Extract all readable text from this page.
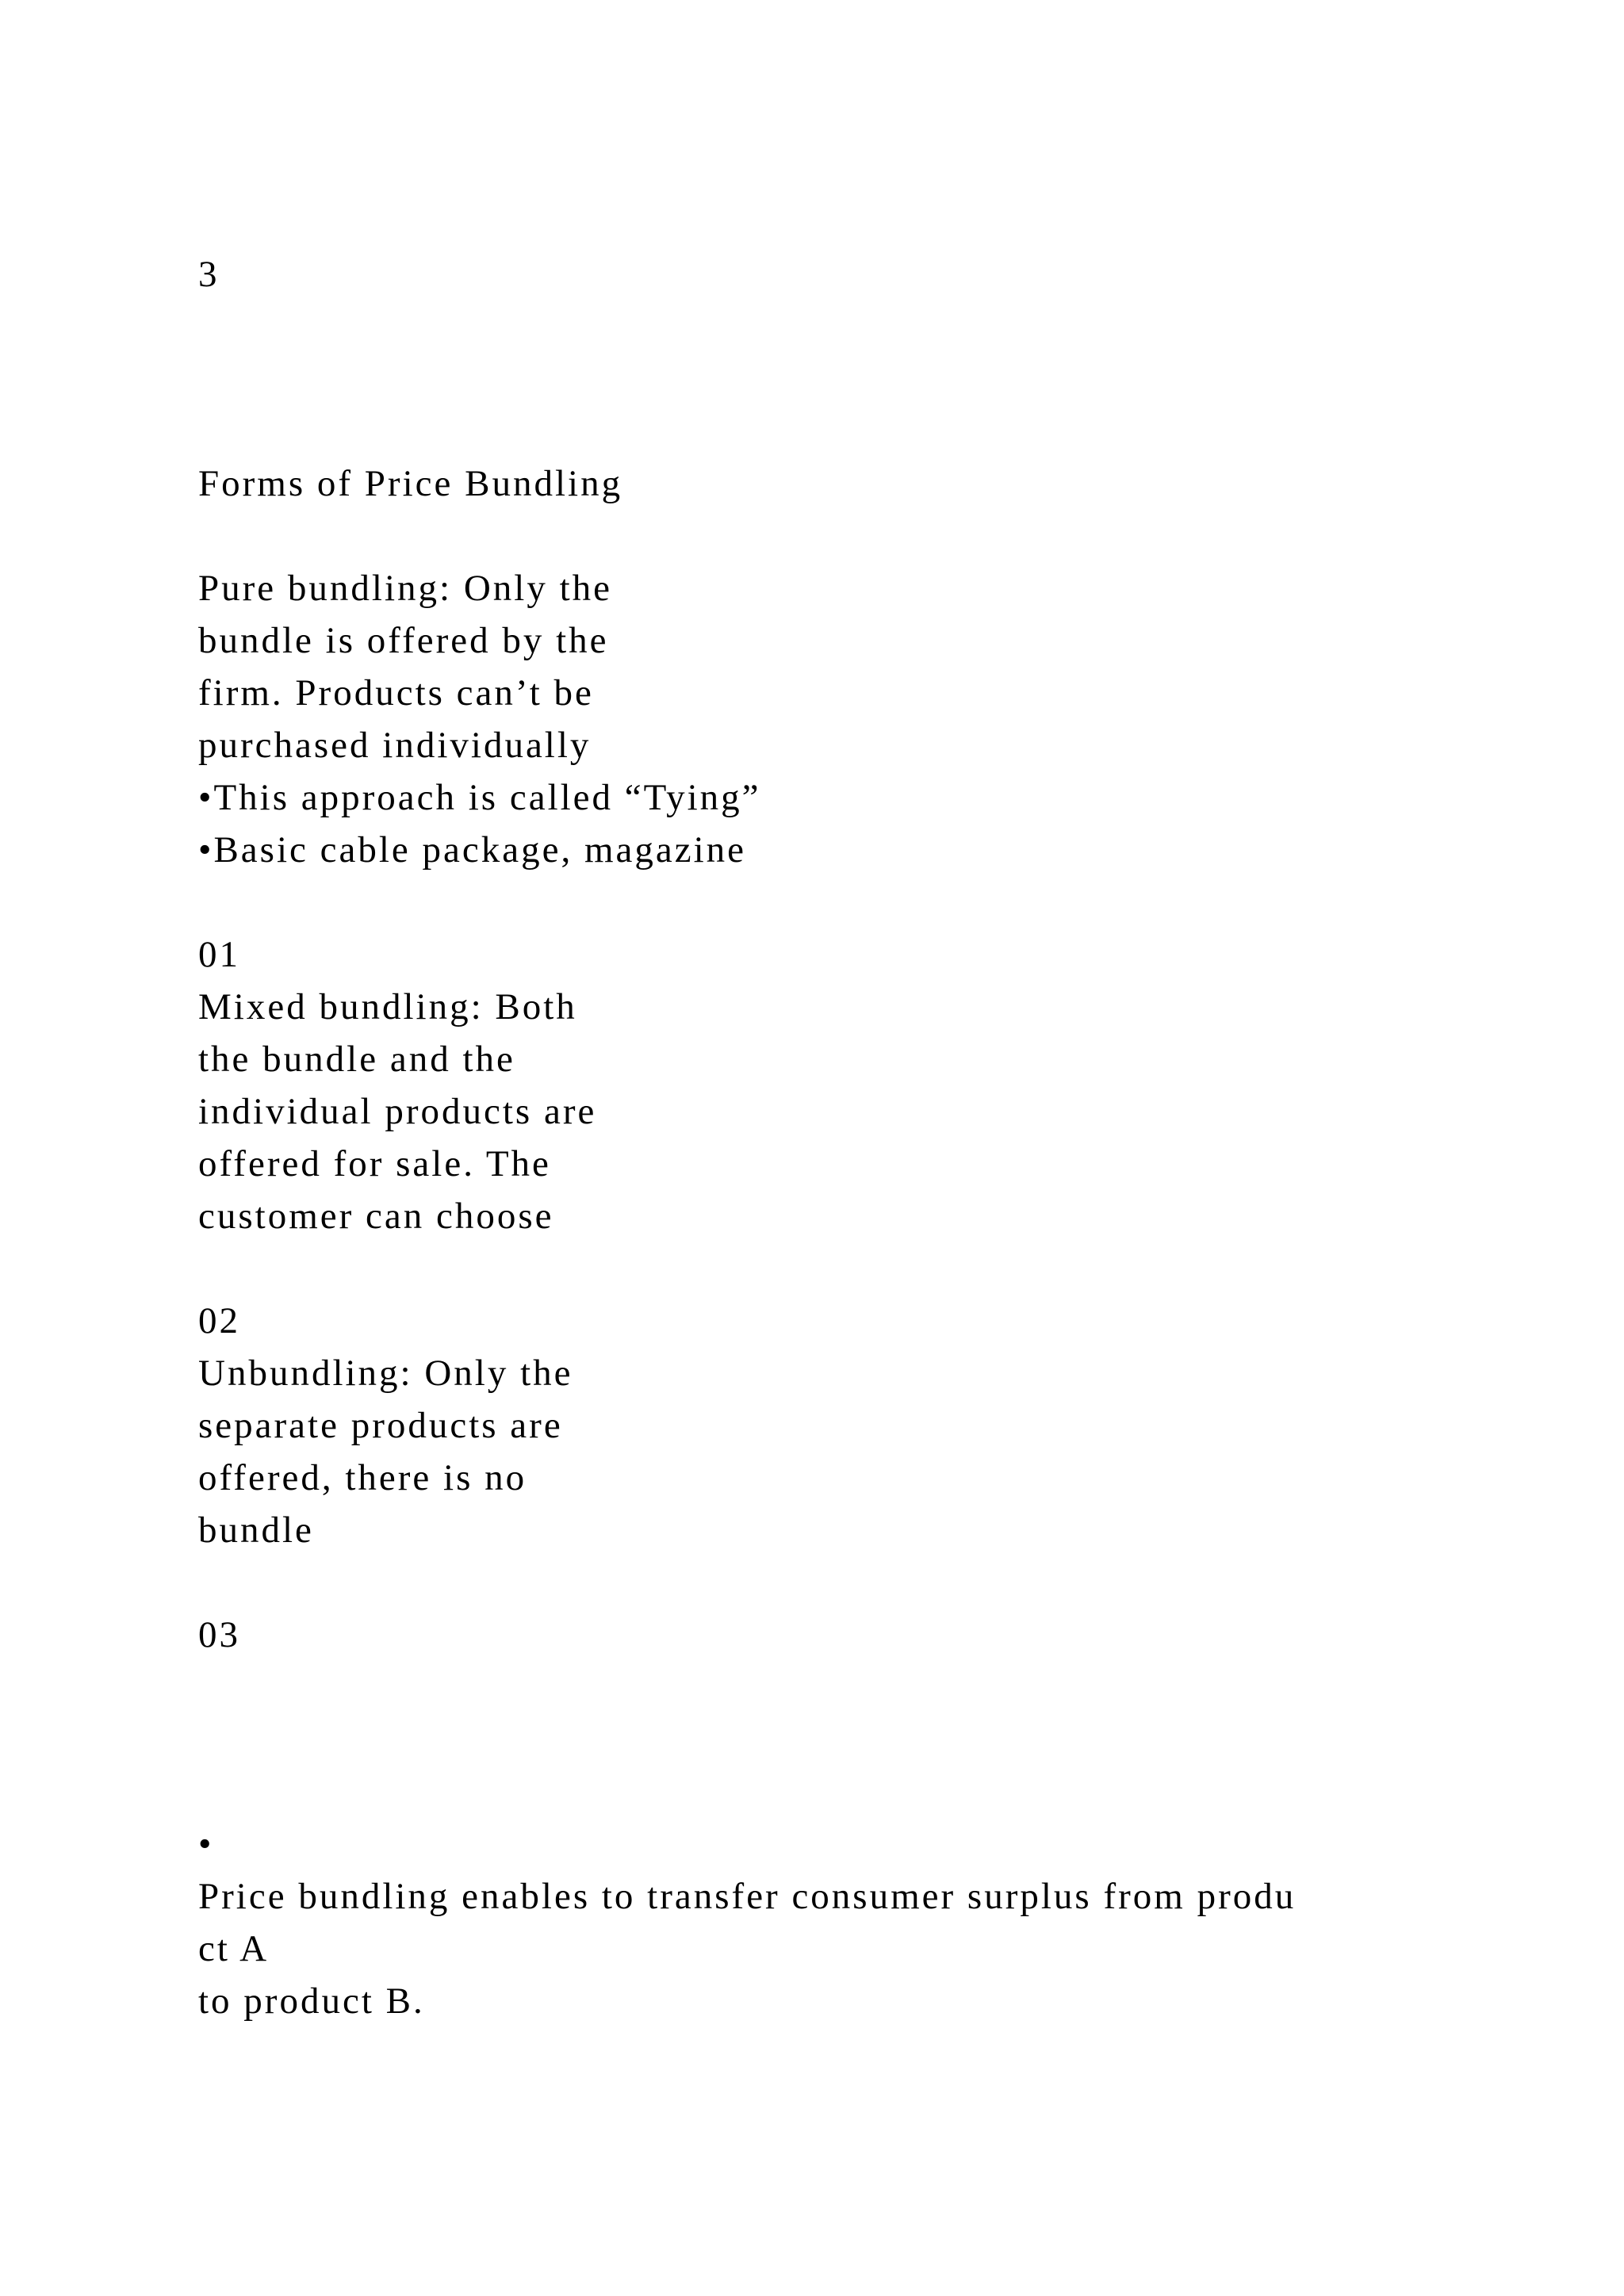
3
Forms of Price Bundling
Pure bundling: Only the
bundle is offered by the
firm. Products can’t be
purchased individually
•This approach is called “Tying”
•Basic cable package, magazine
01
Mixed bundling: Both
the bundle and the
individual products are
offered for sale. The
customer can choose
02
Unbundling: Only the
separate products are
offered, there is no
bundle
03
•
Price bundling enables to transfer consumer surplus from produ
ct A
to product B.
